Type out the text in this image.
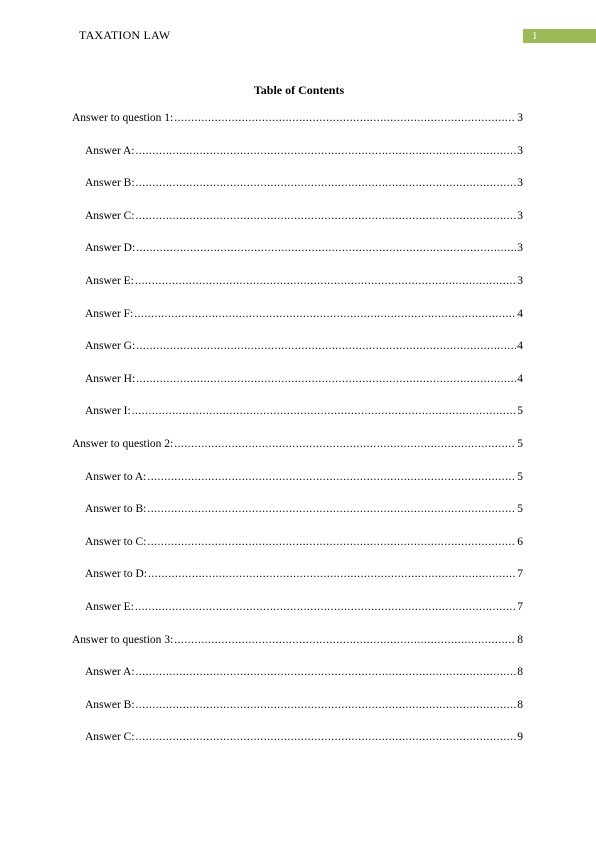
TAXATION LAW	1
Table of Contents
Answer to question 1: .....	3
Answer A: .....	3
Answer B: .....	3
Answer C: .....	3
Answer D: .....	3
Answer E: .....	3
Answer F: .....	4
Answer G: .....	4
Answer H: .....	4
Answer I: .....	5
Answer to question 2: .....	5
Answer to A: .....	5
Answer to B: .....	5
Answer to C: .....	6
Answer to D: .....	7
Answer E: .....	7
Answer to question 3: .....	8
Answer A: .....	8
Answer B: .....	8
Answer C: .....	9
